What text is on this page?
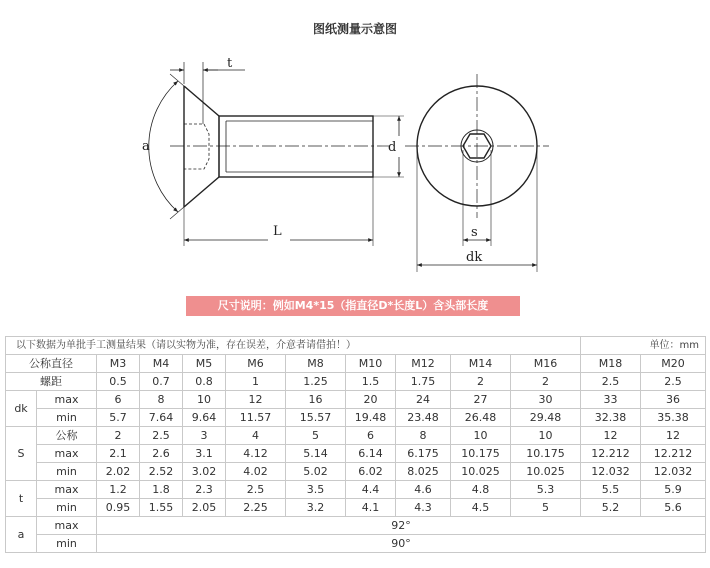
图纸测量示意图
t
a	d
L	s
dk
尺寸说明：例如M4*15（指直径D*长度L）含头部长度
以下数据为单批手工测量结果（请以实物为准，存在误差，介意者请借拍！）											单位：mm	
公称直径		M3	M4	M5	M6	M8	M10	M12	M14	M16	M18	M20
螺距		0.5	0.7	0.8	1	1.25	1.5	1.75	2	2	2.5	2.5
dk	max	6	8	10	12	16	20	24	27	30	33	36
	min	5.7	7.64	9.64	11.57	15.57	19.48	23.48	26.48	29.48	32.38	35.38
S	公称	2	2.5	3	4	5	6	8	10	10	12	12
	max	2.1	2.6	3.1	4.12	5.14	6.14	6.175	10.175	10.175	12.212	12.212
	min	2.02	2.52	3.02	4.02	5.02	6.02	8.025	10.025	10.025	12.032	12.032
t	max	1.2	1.8	2.3	2.5	3.5	4.4	4.6	4.8	5.3	5.5	5.9
	min	0.95	1.55	2.05	2.25	3.2	4.1	4.3	4.5	5	5.2	5.6
a	max	92°										
	min	90°										
